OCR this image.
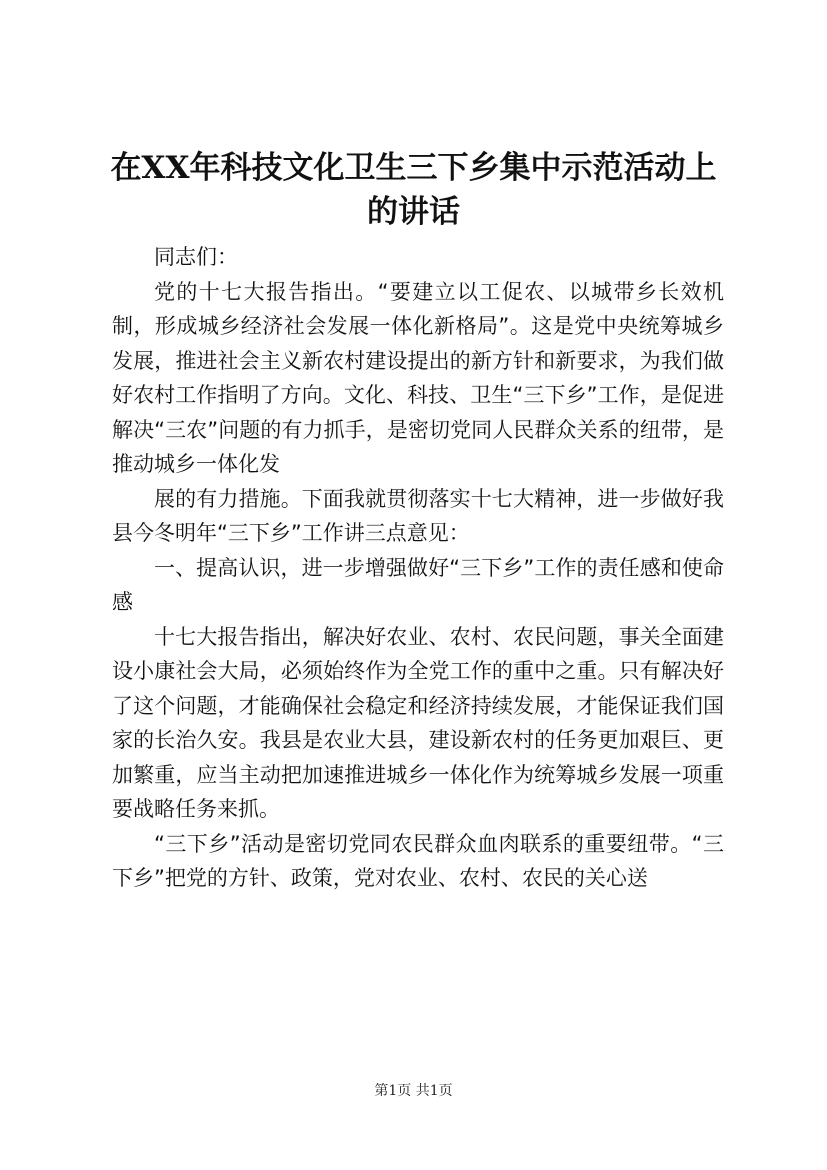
在XX年科技文化卫生三下乡集中示范活动上
的讲话

同志们：

党的十七大报告指出。“要建立以工促农、以城带乡长效机制，形成城乡经济社会发展一体化新格局”。这是党中央统筹城乡发展，推进社会主义新农村建设提出的新方针和新要求，为我们做好农村工作指明了方向。文化、科技、卫生“三下乡”工作，是促进解决“三农”问题的有力抓手，是密切党同人民群众关系的纽带，是推动城乡一体化发

展的有力措施。下面我就贯彻落实十七大精神，进一步做好我县今冬明年“三下乡”工作讲三点意见：

一、提高认识，进一步增强做好“三下乡”工作的责任感和使命感

十七大报告指出，解决好农业、农村、农民问题，事关全面建设小康社会大局，必须始终作为全党工作的重中之重。只有解决好了这个问题，才能确保社会稳定和经济持续发展，才能保证我们国家的长治久安。我县是农业大县，建设新农村的任务更加艰巨、更加繁重，应当主动把加速推进城乡一体化作为统筹城乡发展一项重要战略任务来抓。

“三下乡”活动是密切党同农民群众血肉联系的重要纽带。“三下乡”把党的方针、政策，党对农业、农村、农民的关心送

第1页 共1页
